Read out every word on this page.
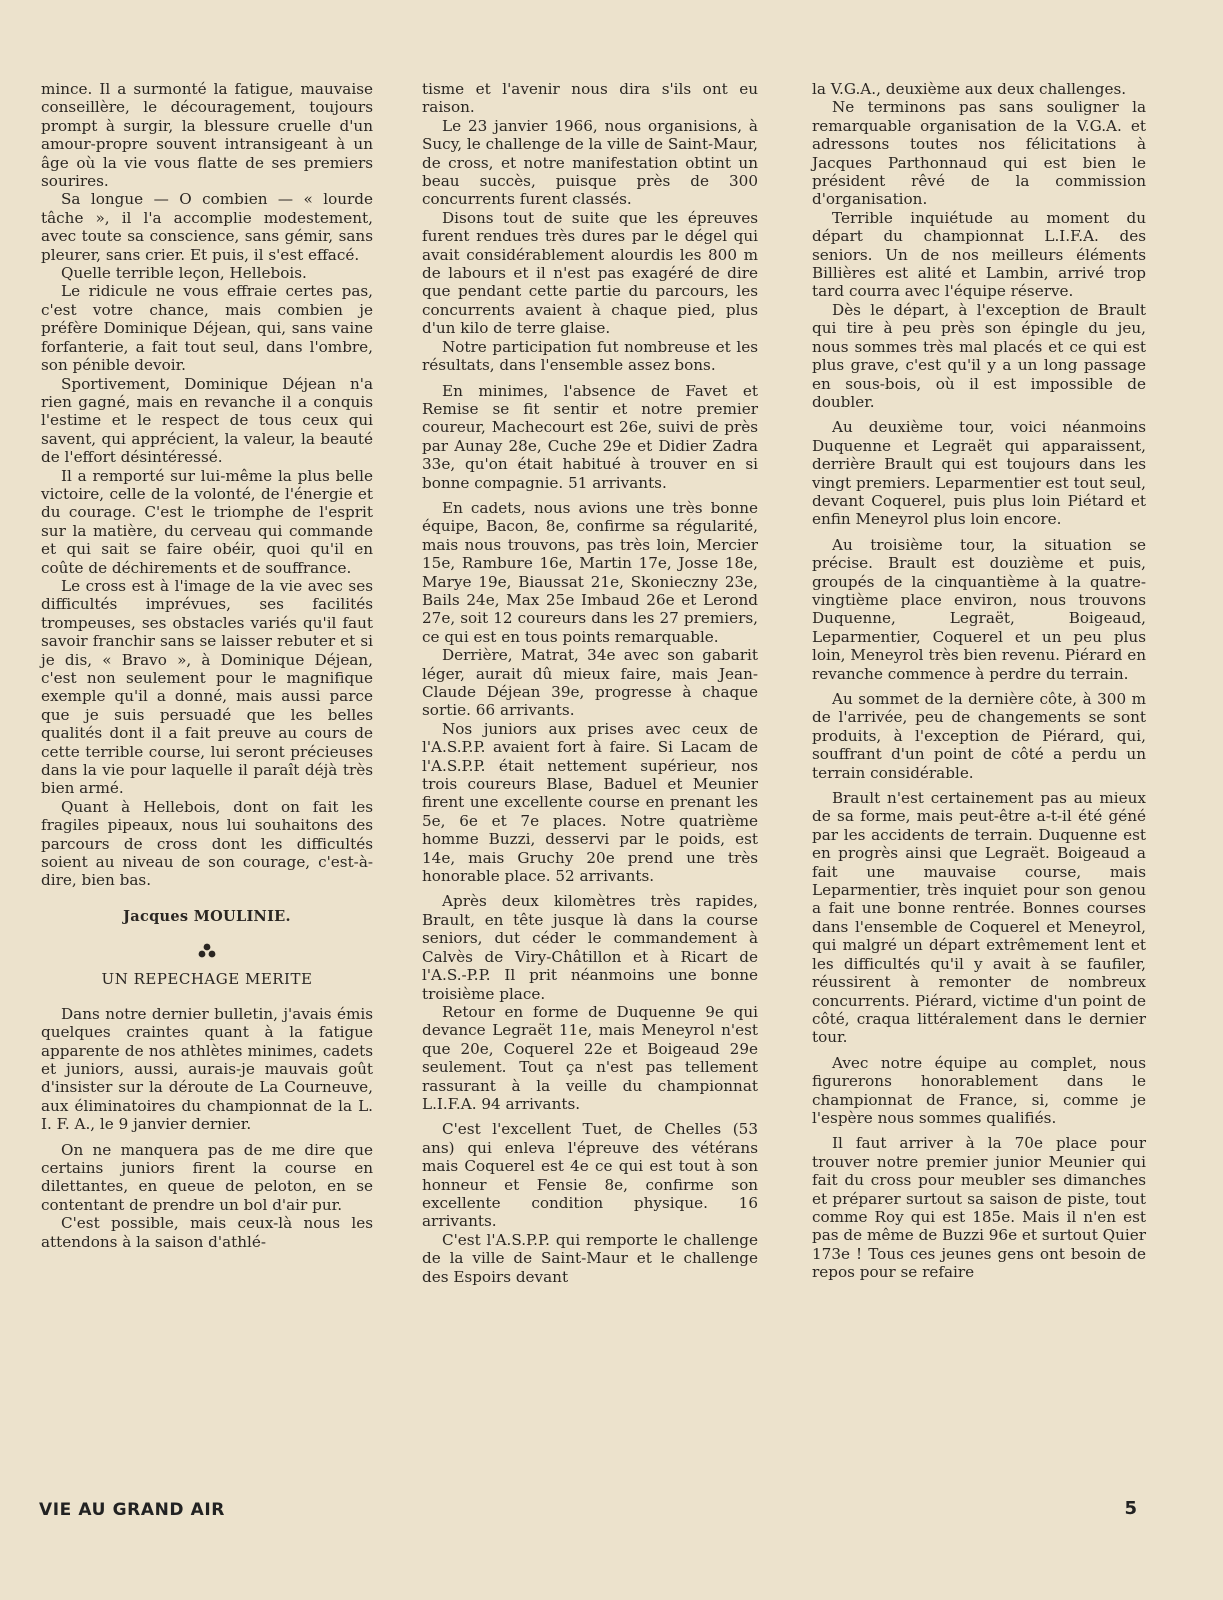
mince. Il a surmonté la fatigue, mauvaise conseillère, le découragement, toujours prompt à surgir, la blessure cruelle d'un amour-propre souvent intransigeant à un âge où la vie vous flatte de ses premiers sourires.

Sa longue — O combien — « lourde tâche », il l'a accomplie modestement, avec toute sa conscience, sans gémir, sans pleurer, sans crier. Et puis, il s'est effacé.

Quelle terrible leçon, Hellebois.

Le ridicule ne vous effraie certes pas, c'est votre chance, mais combien je préfère Dominique Déjean, qui, sans vaine forfanterie, a fait tout seul, dans l'ombre, son pénible devoir.

Sportivement, Dominique Déjean n'a rien gagné, mais en revanche il a conquis l'estime et le respect de tous ceux qui savent, qui apprécient, la valeur, la beauté de l'effort désintéressé.

Il a remporté sur lui-même la plus belle victoire, celle de la volonté, de l'énergie et du courage. C'est le triomphe de l'esprit sur la matière, du cerveau qui commande et qui sait se faire obéir, quoi qu'il en coûte de déchirements et de souffrance.

Le cross est à l'image de la vie avec ses difficultés imprévues, ses facilités trompeuses, ses obstacles variés qu'il faut savoir franchir sans se laisser rebuter et si je dis, « Bravo », à Dominique Déjean, c'est non seulement pour le magnifique exemple qu'il a donné, mais aussi parce que je suis persuadé que les belles qualités dont il a fait preuve au cours de cette terrible course, lui seront précieuses dans la vie pour laquelle il paraît déjà très bien armé.

Quant à Hellebois, dont on fait les fragiles pipeaux, nous lui souhaitons des parcours de cross dont les difficultés soient au niveau de son courage, c'est-à-dire, bien bas.

Jacques MOULINIE.
UN REPECHAGE MERITE

Dans notre dernier bulletin, j'avais émis quelques craintes quant à la fatigue apparente de nos athlètes minimes, cadets et juniors, aussi, aurais-je mauvais goût d'insister sur la déroute de La Courneuve, aux éliminatoires du championnat de la L. I. F. A., le 9 janvier dernier.

On ne manquera pas de me dire que certains juniors firent la course en dilettantes, en queue de peloton, en se contentant de prendre un bol d'air pur.

C'est possible, mais ceux-là nous les attendons à la saison d'athlé-

tisme et l'avenir nous dira s'ils ont eu raison.

Le 23 janvier 1966, nous organisions, à Sucy, le challenge de la ville de Saint-Maur, de cross, et notre manifestation obtint un beau succès, puisque près de 300 concurrents furent classés.

Disons tout de suite que les épreuves furent rendues très dures par le dégel qui avait considérablement alourdis les 800 m de labours et il n'est pas exagéré de dire que pendant cette partie du parcours, les concurrents avaient à chaque pied, plus d'un kilo de terre glaise.

Notre participation fut nombreuse et les résultats, dans l'ensemble assez bons.

En minimes, l'absence de Favet et Remise se fit sentir et notre premier coureur, Machecourt est 26e, suivi de près par Aunay 28e, Cuche 29e et Didier Zadra 33e, qu'on était habitué à trouver en si bonne compagnie. 51 arrivants.

En cadets, nous avions une très bonne équipe, Bacon, 8e, confirme sa régularité, mais nous trouvons, pas très loin, Mercier 15e, Rambure 16e, Martin 17e, Josse 18e, Marye 19e, Biaussat 21e, Skonieczny 23e, Bails 24e, Max 25e Imbaud 26e et Lerond 27e, soit 12 coureurs dans les 27 premiers, ce qui est en tous points remarquable.

Derrière, Matrat, 34e avec son gabarit léger, aurait dû mieux faire, mais Jean-Claude Déjean 39e, progresse à chaque sortie. 66 arrivants.

Nos juniors aux prises avec ceux de l'A.S.P.P. avaient fort à faire. Si Lacam de l'A.S.P.P. était nettement supérieur, nos trois coureurs Blase, Baduel et Meunier firent une excellente course en prenant les 5e, 6e et 7e places. Notre quatrième homme Buzzi, desservi par le poids, est 14e, mais Gruchy 20e prend une très honorable place. 52 arrivants.

Après deux kilomètres très rapides, Brault, en tête jusque là dans la course seniors, dut céder le commandement à Calvès de Viry-Châtillon et à Ricart de l'A.S.-P.P. Il prit néanmoins une bonne troisième place.

Retour en forme de Duquenne 9e qui devance Legraët 11e, mais Meneyrol n'est que 20e, Coquerel 22e et Boigeaud 29e seulement. Tout ça n'est pas tellement rassurant à la veille du championnat L.I.F.A. 94 arrivants.

C'est l'excellent Tuet, de Chelles (53 ans) qui enleva l'épreuve des vétérans mais Coquerel est 4e ce qui est tout à son honneur et Fensie 8e, confirme son excellente condition physique. 16 arrivants.

C'est l'A.S.P.P. qui remporte le challenge de la ville de Saint-Maur et le challenge des Espoirs devant

la V.G.A., deuxième aux deux challenges.

Ne terminons pas sans souligner la remarquable organisation de la V.G.A. et adressons toutes nos félicitations à Jacques Parthonnaud qui est bien le président rêvé de la commission d'organisation.

Terrible inquiétude au moment du départ du championnat L.I.F.A. des seniors. Un de nos meilleurs éléments Billières est alité et Lambin, arrivé trop tard courra avec l'équipe réserve.

Dès le départ, à l'exception de Brault qui tire à peu près son épingle du jeu, nous sommes très mal placés et ce qui est plus grave, c'est qu'il y a un long passage en sous-bois, où il est impossible de doubler.

Au deuxième tour, voici néanmoins Duquenne et Legraët qui apparaissent, derrière Brault qui est toujours dans les vingt premiers. Leparmentier est tout seul, devant Coquerel, puis plus loin Piétard et enfin Meneyrol plus loin encore.

Au troisième tour, la situation se précise. Brault est douzième et puis, groupés de la cinquantième à la quatre-vingtième place environ, nous trouvons Duquenne, Legraët, Boigeaud, Leparmentier, Coquerel et un peu plus loin, Meneyrol très bien revenu. Piérard en revanche commence à perdre du terrain.

Au sommet de la dernière côte, à 300 m de l'arrivée, peu de changements se sont produits, à l'exception de Piérard, qui, souffrant d'un point de côté a perdu un terrain considérable.

Brault n'est certainement pas au mieux de sa forme, mais peut-être a-t-il été géné par les accidents de terrain. Duquenne est en progrès ainsi que Legraët. Boigeaud a fait une mauvaise course, mais Leparmentier, très inquiet pour son genou a fait une bonne rentrée. Bonnes courses dans l'ensemble de Coquerel et Meneyrol, qui malgré un départ extrêmement lent et les difficultés qu'il y avait à se faufiler, réussirent à remonter de nombreux concurrents. Piérard, victime d'un point de côté, craqua littéralement dans le dernier tour.

Avec notre équipe au complet, nous figurerons honorablement dans le championnat de France, si, comme je l'espère nous sommes qualifiés.

Il faut arriver à la 70e place pour trouver notre premier junior Meunier qui fait du cross pour meubler ses dimanches et préparer surtout sa saison de piste, tout comme Roy qui est 185e. Mais il n'en est pas de même de Buzzi 96e et surtout Quier 173e ! Tous ces jeunes gens ont besoin de repos pour se refaire

VIE AU GRAND AIR	5
